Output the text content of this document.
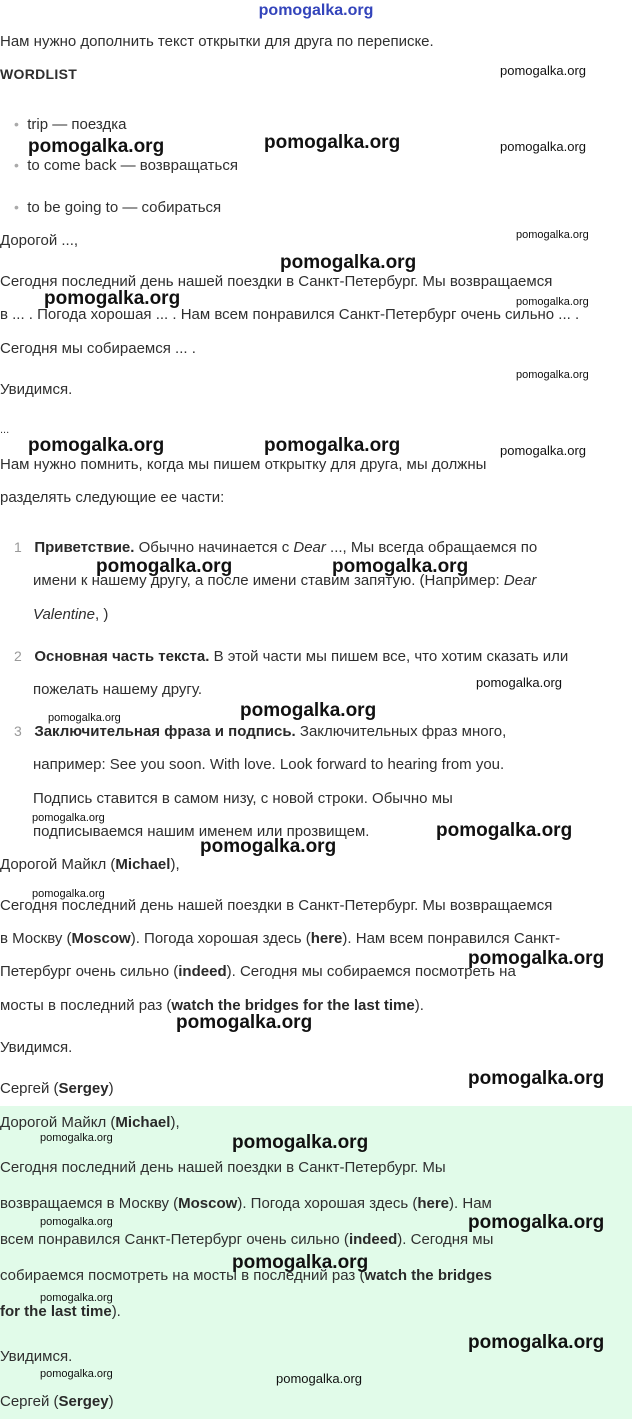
pomogalka.org
Нам нужно дополнить текст открытки для друга по переписке.
WORDLIST
• trip — поездка
• to come back — возвращаться
• to be going to — собираться
Дорогой ...,
Сегодня последний день нашей поездки в Санкт-Петербург. Мы возвращаемся
в ... . Погода хорошая ... . Нам всем понравился Санкт-Петербург очень сильно ... .
Сегодня мы собираемся ... .
Увидимся.
...
Нам нужно помнить, когда мы пишем открытку для друга, мы должны
разделять следующие ее части:
1 Приветствие. Обычно начинается с Dear ..., Мы всегда обращаемся по
имени к нашему другу, а после имени ставим запятую. (Например: Dear
Valentine, )
2 Основная часть текста. В этой части мы пишем все, что хотим сказать или
пожелать нашему другу.
3 Заключительная фраза и подпись. Заключительных фраз много,
например: See you soon. With love. Look forward to hearing from you.
Подпись ставится в самом низу, с новой строки. Обычно мы
подписываемся нашим именем или прозвищем.
Дорогой Майкл (Michael),
Сегодня последний день нашей поездки в Санкт-Петербург. Мы возвращаемся
в Москву (Moscow). Погода хорошая здесь (here). Нам всем понравился Санкт-
Петербург очень сильно (indeed). Сегодня мы собираемся посмотреть на
мосты в последний раз (watch the bridges for the last time).
Увидимся.
Сергей (Sergey)
Дорогой Майкл (Michael),
Сегодня последний день нашей поездки в Санкт-Петербург. Мы
возвращаемся в Москву (Moscow). Погода хорошая здесь (here). Нам
всем понравился Санкт-Петербург очень сильно (indeed). Сегодня мы
собираемся посмотреть на мосты в последний раз (watch the bridges
for the last time).
Увидимся.
Сергей (Sergey)
pomogalka.org
pomogalka.org	pomogalka.org	pomogalka.org
pomogalka.org
pomogalka.org
pomogalka.org	pomogalka.org
pomogalka.org
pomogalka.org	pomogalka.org	pomogalka.org
pomogalka.org	pomogalka.org
pomogalka.org
pomogalka.org
pomogalka.org
pomogalka.org
pomogalka.org
pomogalka.org
pomogalka.org
pomogalka.org
pomogalka.org
pomogalka.org
pomogalka.org	pomogalka.org
pomogalka.org	pomogalka.org
pomogalka.org
pomogalka.org
pomogalka.org
pomogalka.org	pomogalka.org
